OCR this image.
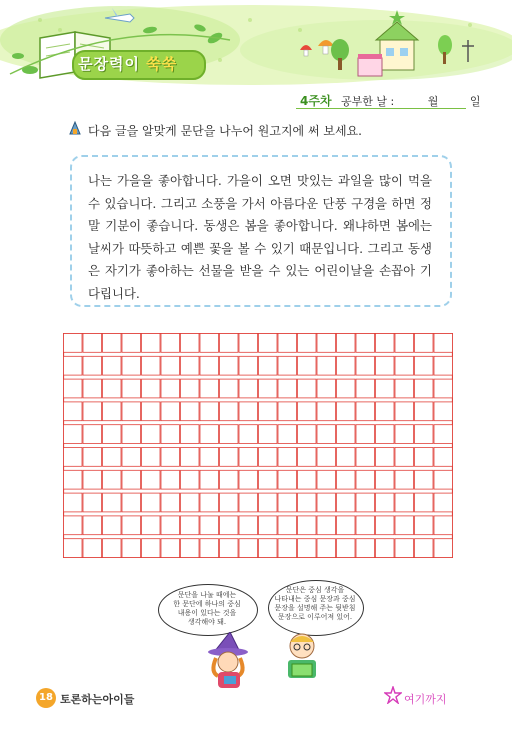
문장력이 쑥쑥
4주차 공부한 날 :	월	일
다음 글을 알맞게 문단을 나누어 원고지에 써 보세요.
나는 가을을 좋아합니다. 가을이 오면 맛있는 과일을 많이 먹을 수 있습니다. 그리고 소풍을 가서 아름다운 단풍 구경을 하면 정말 기분이 좋습니다. 동생은 봄을 좋아합니다. 왜냐하면 봄에는 날씨가 따뜻하고 예쁜 꽃을 볼 수 있기 때문입니다. 그리고 동생은 자기가 좋아하는 선물을 받을 수 있는 어린이날을 손꼽아 기다립니다.
문단을 나눌 때에는
한 문단에 하나의 중심
내용이 있다는 것을
생각해야 돼.
문단은 중심 생각을
나타내는 중심 문장과 중심
문장을 설명해 주는 뒷받침
문장으로 이루어져 있어.
18 토론하는아이들	여기까지
